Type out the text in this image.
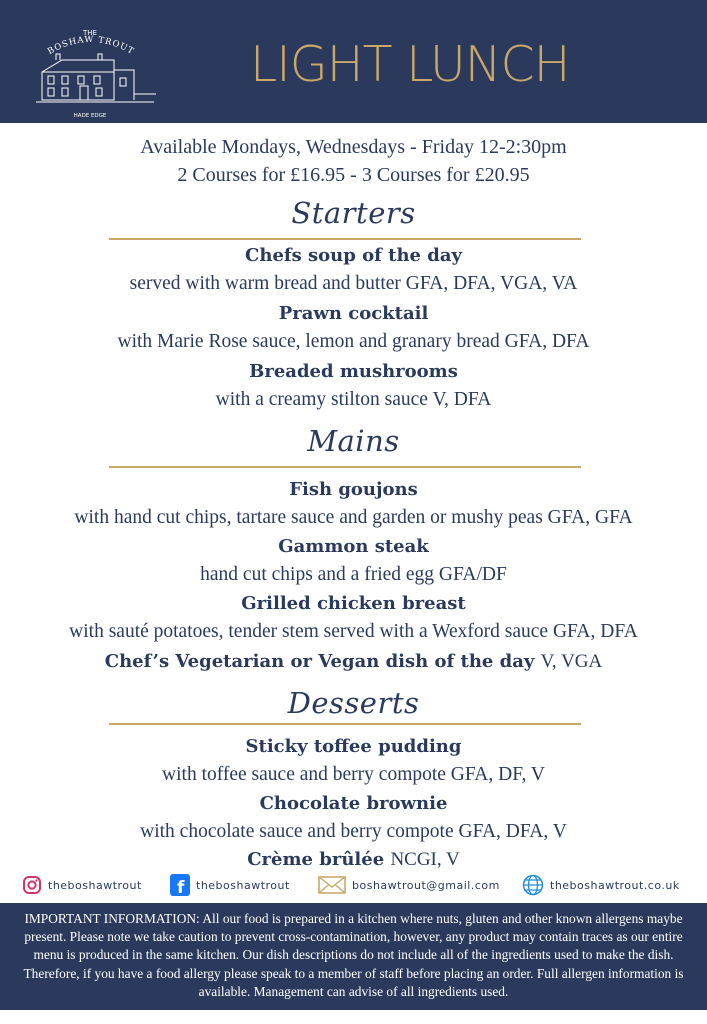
THE
BOSHAW TROUT
HADE EDGE
LIGHT LUNCH
Available Mondays, Wednesdays - Friday 12-2:30pm
2 Courses for £16.95 - 3 Courses for £20.95
Starters
Chefs soup of the day
served with warm bread and butter GFA, DFA, VGA, VA
Prawn cocktail
with Marie Rose sauce, lemon and granary bread GFA, DFA
Breaded mushrooms
with a creamy stilton sauce V, DFA
Mains
Fish goujons
with hand cut chips, tartare sauce and garden or mushy peas GFA, GFA
Gammon steak
hand cut chips and a fried egg GFA/DF
Grilled chicken breast
with sauté potatoes, tender stem served with a Wexford sauce GFA, DFA
Chef’s Vegetarian or Vegan dish of the day V, VGA
Desserts
Sticky toffee pudding
with toffee sauce and berry compote GFA, DF, V
Chocolate brownie
with chocolate sauce and berry compote GFA, DFA, V
Crème brûlée NCGI, V
theboshawtrout f theboshawtrout	boshawtrout@gmail.com	theboshawtrout.co.uk
IMPORTANT INFORMATION: All our food is prepared in a kitchen where nuts, gluten and other known allergens maybe present. Please note we take caution to prevent cross-contamination, however, any product may contain traces as our entire menu is produced in the same kitchen. Our dish descriptions do not include all of the ingredients used to make the dish. Therefore, if you have a food allergy please speak to a member of staff before placing an order. Full allergen information is available. Management can advise of all ingredients used.
